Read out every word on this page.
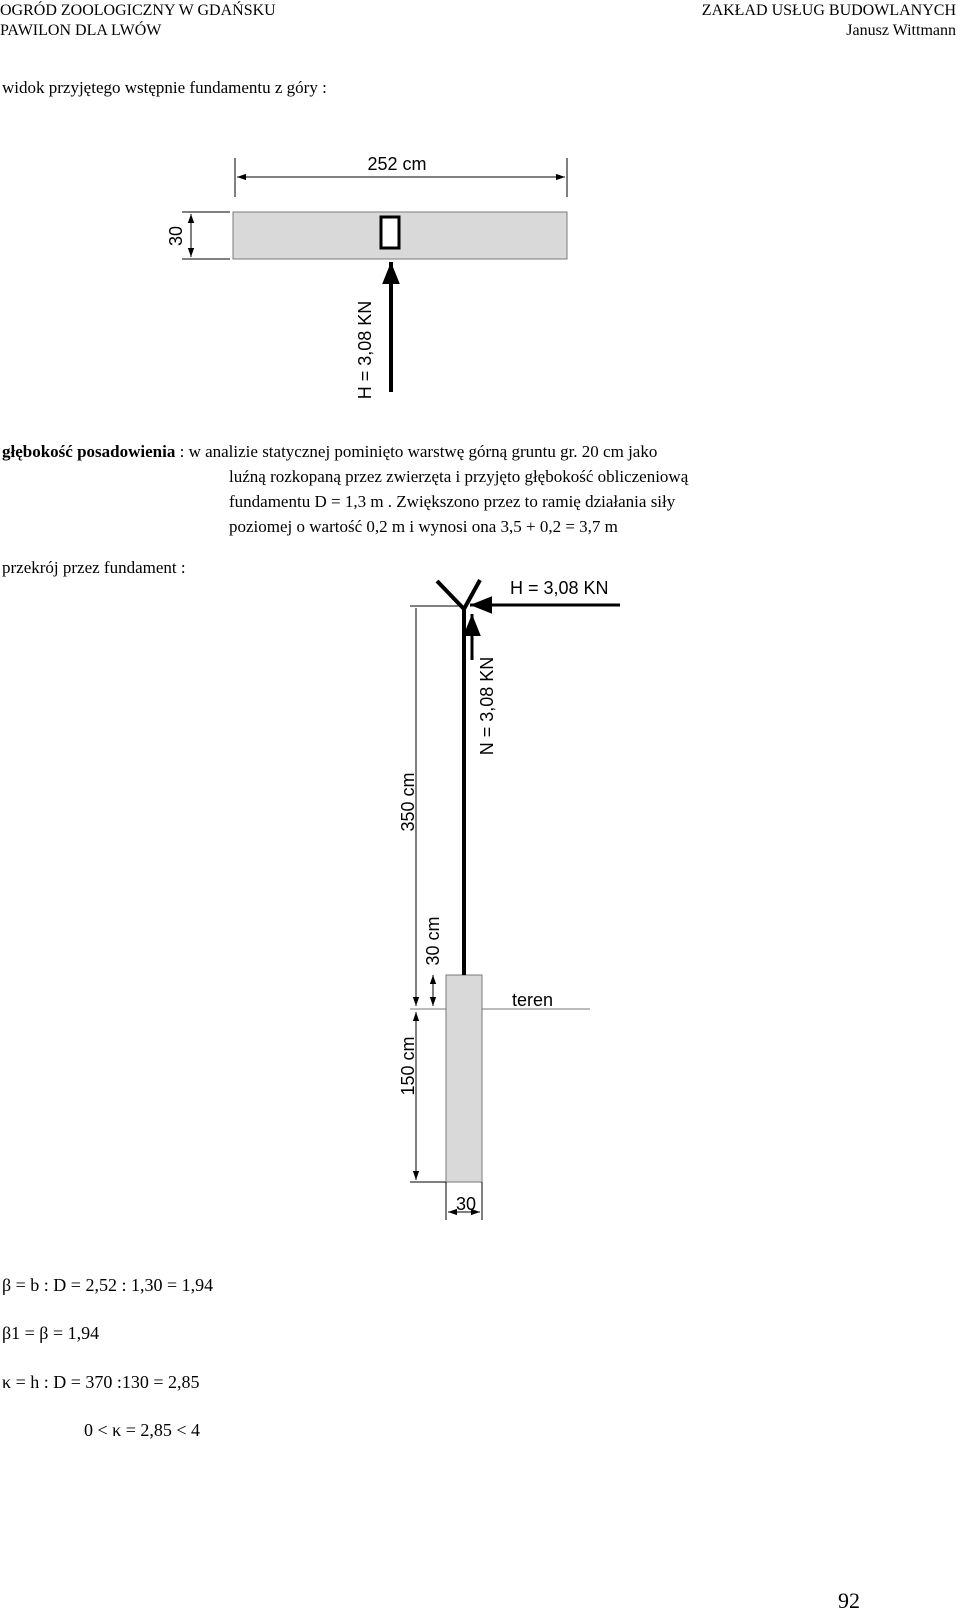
OGRÓD ZOOLOGICZNY W GDAŃSKU
PAWILON DLA LWÓW
ZAKŁAD USŁUG BUDOWLANYCH
Janusz Wittmann
widok przyjętego wstępnie fundamentu z góry :
252 cm
30
H = 3,08 KN
głębokość posadowienia : w analizie statycznej pominięto warstwę górną gruntu gr. 20 cm jako
luźną rozkopaną przez zwierzęta i przyjęto głębokość obliczeniową
fundamentu D = 1,3 m . Zwiększono przez to ramię działania siły
poziomej o wartość 0,2 m i wynosi ona 3,5 + 0,2 = 3,7 m
przekrój przez fundament :
350 cm
30 cm
teren
150 cm
H = 3,08 KN
N = 3,08 KN
30
β = b : D = 2,52 : 1,30 = 1,94
β1 = β = 1,94
κ = h : D = 370 :130 = 2,85
0 < κ = 2,85 < 4
92
